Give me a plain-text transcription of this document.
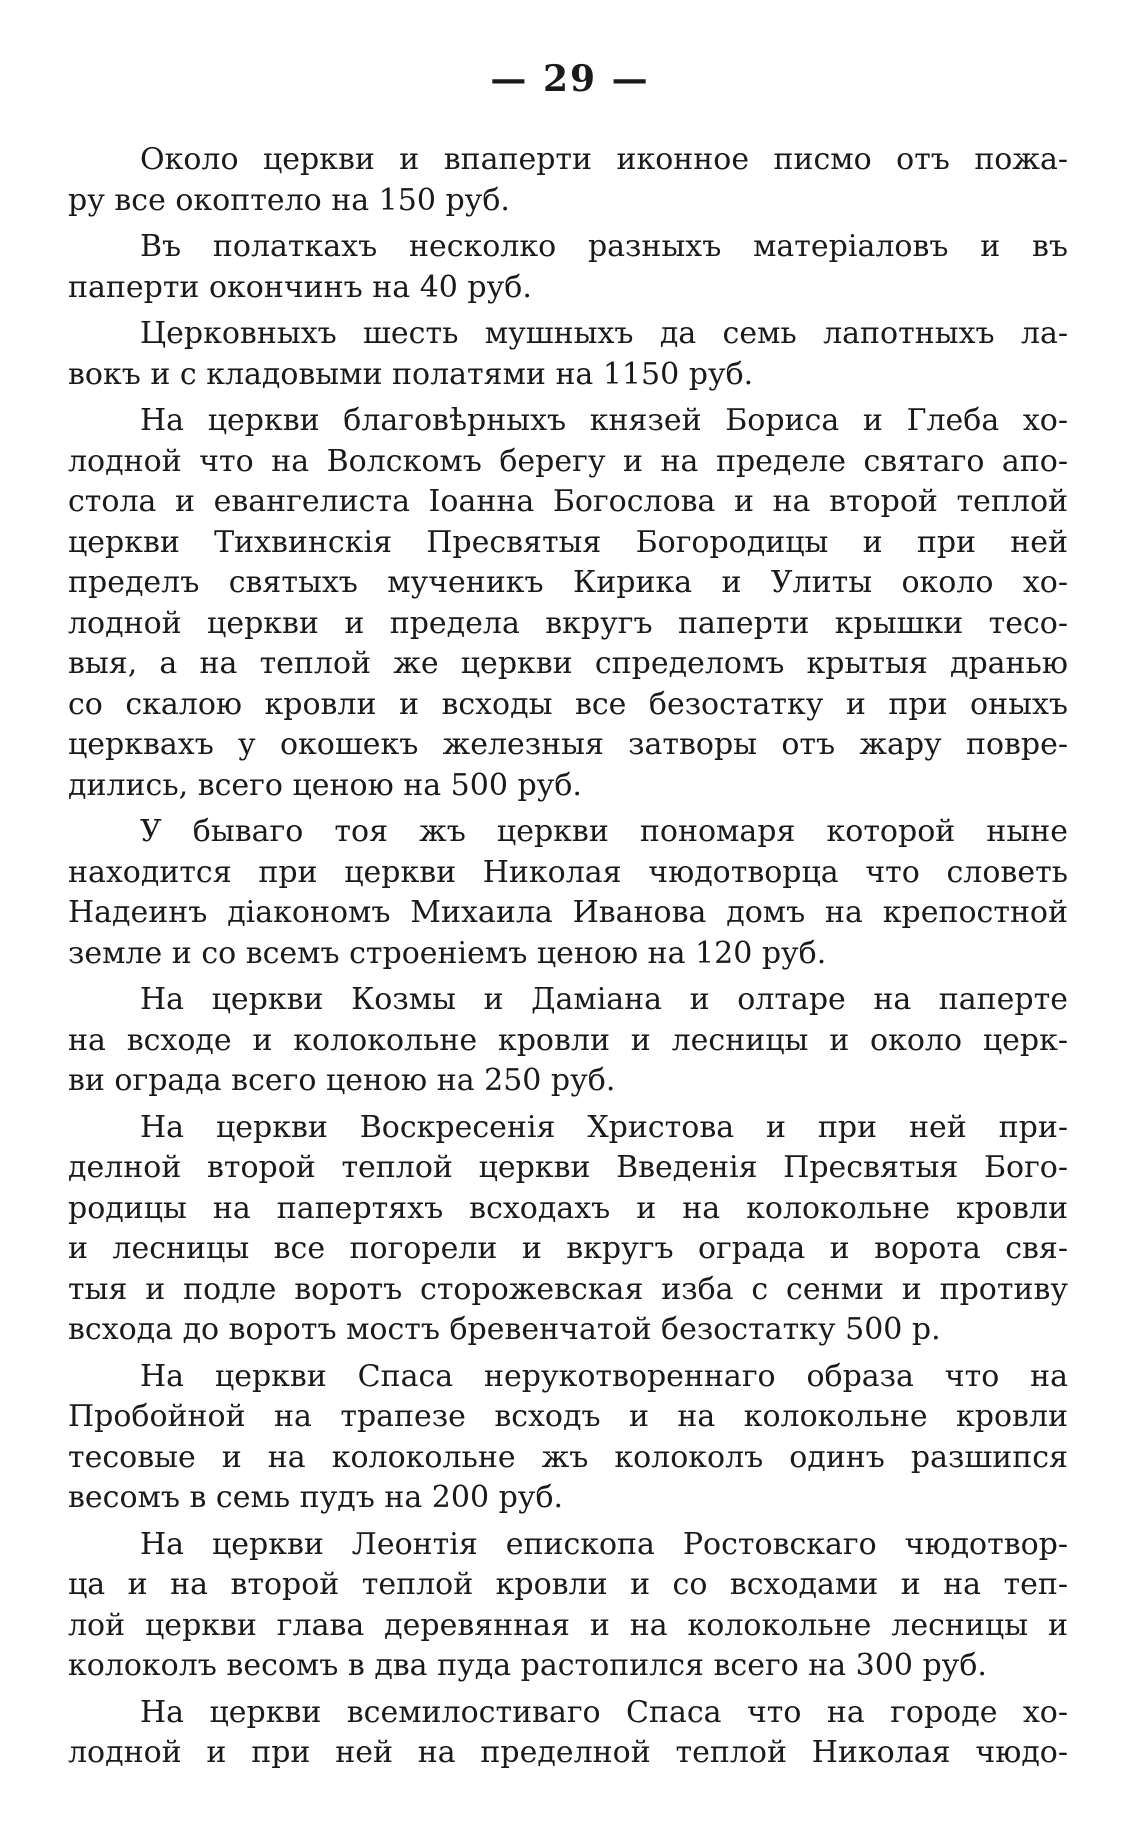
— 29 —
Около церкви и впаперти иконное писмо отъ пожа-
ру все окоптело на 150 руб.
Въ полаткахъ несколко разныхъ матеріаловъ и въ
паперти окончинъ на 40 руб.
Церковныхъ шесть мушныхъ да семь лапотныхъ ла-
вокъ и с кладовыми полатями на 1150 руб.
На церкви благовѣрныхъ князей Бориса и Глеба хо-
лодной что на Волскомъ берегу и на пределе святаго апо-
стола и евангелиста Іоанна Богослова и на второй теплой
церкви Тихвинскія Пресвятыя Богородицы и при ней
пределъ святыхъ мученикъ Кирика и Улиты около хо-
лодной церкви и предела вкругъ паперти крышки тесо-
выя, а на теплой же церкви спределомъ крытыя дранью
со скалою кровли и всходы все безостатку и при оныхъ
церквахъ у окошекъ железныя затворы отъ жару повре-
дились, всего ценою на 500 руб.
У бываго тоя жъ церкви пономаря которой ныне
находится при церкви Николая чюдотворца что словеть
Надеинъ діакономъ Михаила Иванова домъ на крепостной
земле и со всемъ строеніемъ ценою на 120 руб.
На церкви Козмы и Даміана и олтаре на паперте
на всходе и колокольне кровли и лесницы и около церк-
ви ограда всего ценою на 250 руб.
На церкви Воскресенія Христова и при ней при-
делной второй теплой церкви Введенія Пресвятыя Бого-
родицы на папертяхъ всходахъ и на колокольне кровли
и лесницы все погорели и вкругъ ограда и ворота свя-
тыя и подле воротъ сторожевская изба с сенми и противу
всхода до воротъ мостъ бревенчатой безостатку 500 р.
На церкви Спаса нерукотвореннаго образа что на
Пробойной на трапезе всходъ и на колокольне кровли
тесовые и на колокольне жъ колоколъ одинъ разшипся
весомъ в семь пудъ на 200 руб.
На церкви Леонтія епископа Ростовскаго чюдотвор-
ца и на второй теплой кровли и со всходами и на теп-
лой церкви глава деревянная и на колокольне лесницы и
колоколъ весомъ в два пуда растопился всего на 300 руб.
На церкви всемилостиваго Спаса что на городе хо-
лодной и при ней на пределной теплой Николая чюдо-
